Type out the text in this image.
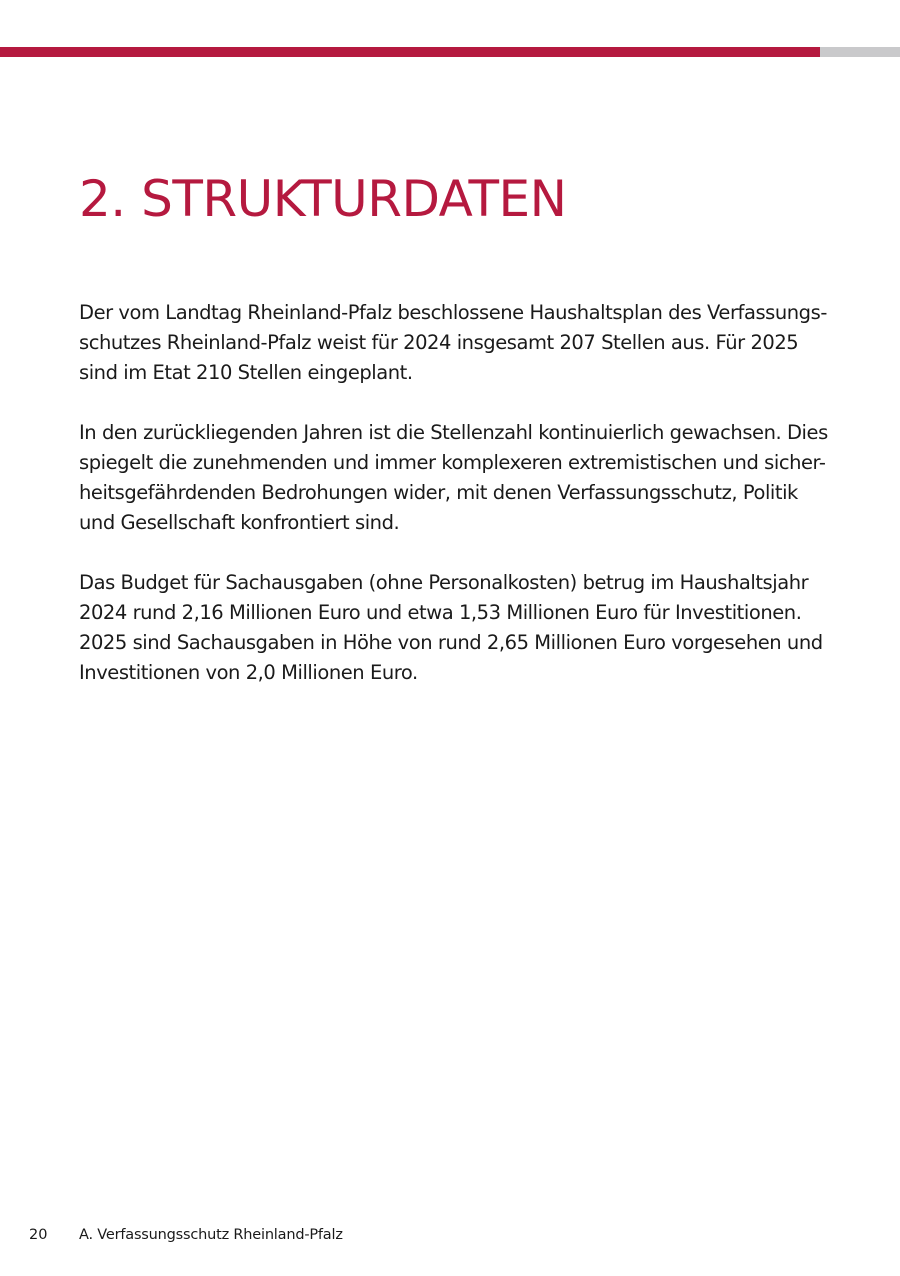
2. STRUKTURDATEN

Der vom Landtag Rheinland-Pfalz beschlossene Haushaltsplan des Verfassungs-
schutzes Rheinland-Pfalz weist für 2024 insgesamt 207 Stellen aus. Für 2025
sind im Etat 210 Stellen eingeplant.

In den zurückliegenden Jahren ist die Stellenzahl kontinuierlich gewachsen. Dies
spiegelt die zunehmenden und immer komplexeren extremistischen und sicher-
heitsgefährdenden Bedrohungen wider, mit denen Verfassungsschutz, Politik
und Gesellschaft konfrontiert sind.

Das Budget für Sachausgaben (ohne Personalkosten) betrug im Haushaltsjahr
2024 rund 2,16 Millionen Euro und etwa 1,53 Millionen Euro für Investitionen.
2025 sind Sachausgaben in Höhe von rund 2,65 Millionen Euro vorgesehen und
Investitionen von 2,0 Millionen Euro.

20 A. Verfassungsschutz Rheinland-Pfalz
